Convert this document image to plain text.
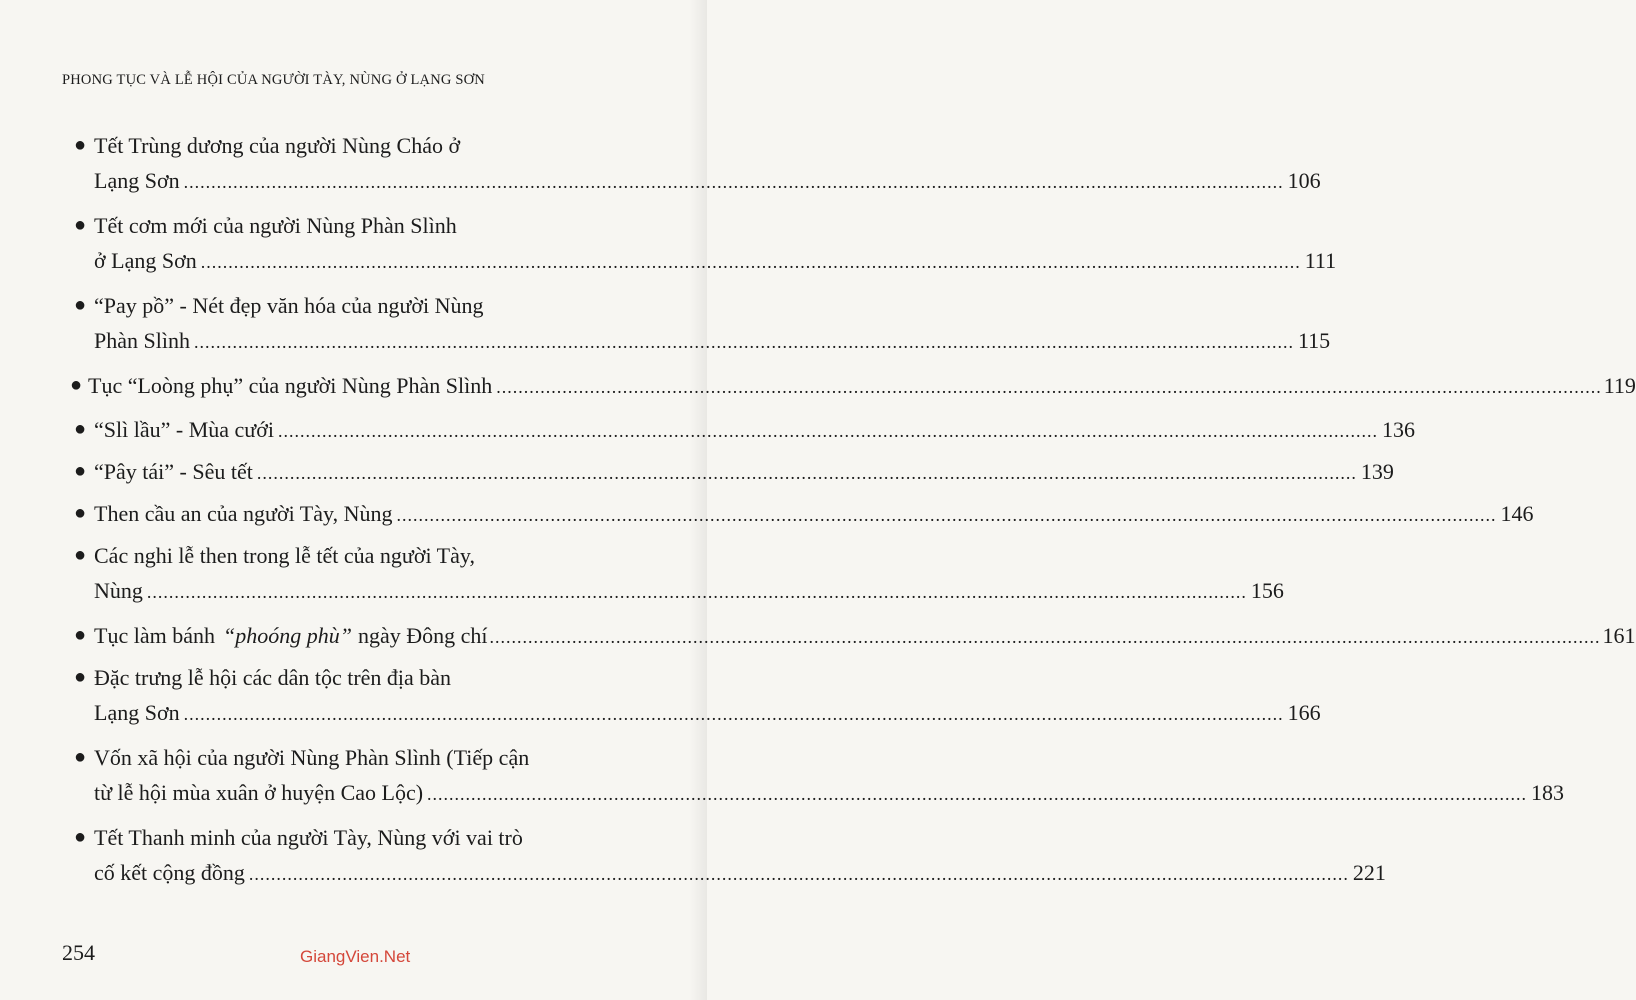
PHONG TỤC VÀ LỄ HỘI CỦA NGƯỜI TÀY, NÙNG Ở LẠNG SƠN
● Tết Trùng dương của người Nùng Cháo ở
Lạng Sơn .....	106
● Tết cơm mới của người Nùng Phàn Slình
ở Lạng Sơn .....	111
● “Pay pồ” - Nét đẹp văn hóa của người Nùng
Phàn Slình .....	115
● Tục “Loòng phụ” của người Nùng Phàn Slình	..... . 119
● “Slì lầu” - Mùa cưới .....	136
● “Pây tái” - Sêu tết .....	139
● Then cầu an của người Tày, Nùng .....	146
● Các nghi lễ then trong lễ tết của người Tày,
Nùng .....	156
● Tục làm bánh “phoóng phù” ngày Đông chí	..... .. 161
● Đặc trưng lễ hội các dân tộc trên địa bàn
Lạng Sơn .....	166
● Vốn xã hội của người Nùng Phàn Slình (Tiếp cận
từ lễ hội mùa xuân ở huyện Cao Lộc) .....	183
● Tết Thanh minh của người Tày, Nùng với vai trò
cố kết cộng đồng .....	221
254	GiangVien.Net
